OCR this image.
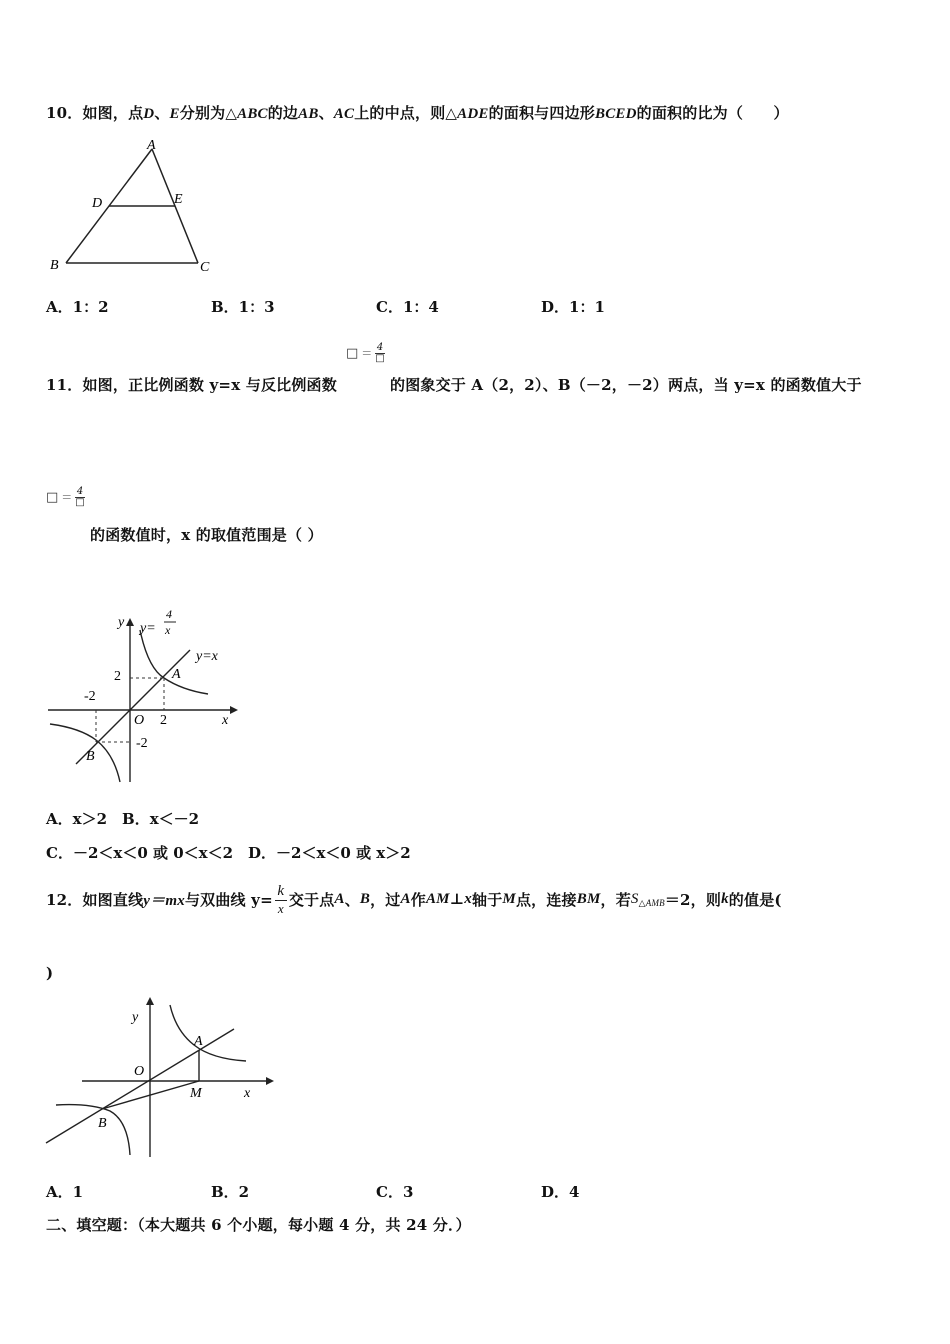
10．如图，点D、E分别为△ABC的边AB、AC上的中点，则△ADE的面积与四边形BCED的面积的比为（　　）
A
D	E
B	C
A．1：2	B．1：3	C．1：4	D．1：1
□ ＝ $\frac{4}{□}$
11．如图，正比例函数 y=x 与反比例函数	的图象交于 A（2，2）、B（－2，－2）两点，当 y=x 的函数值大于
□ ＝ $\frac{4}{□}$
的函数值时，x 的取值范围是（ ）
y y=
4
x
y=x
2
-2
O 2
-2
A
B
x
A．x＞2　B．x＜－2
C．－2＜x＜0 或 0＜x＜2　D．－2＜x＜0 或 x＞2
12． 如图直线 y＝mx 与双曲线 y= k
x 交于点 A 、 B ，过 A 作 AM ⊥ x 轴于 M 点，连接 BM ，若 S △AMB ＝2，则 k 的值是(
)
y
O
A
M	x
B
A．1	B．2	C．3	D．4
二、填空题：（本大题共 6 个小题，每小题 4 分，共 24 分．）
